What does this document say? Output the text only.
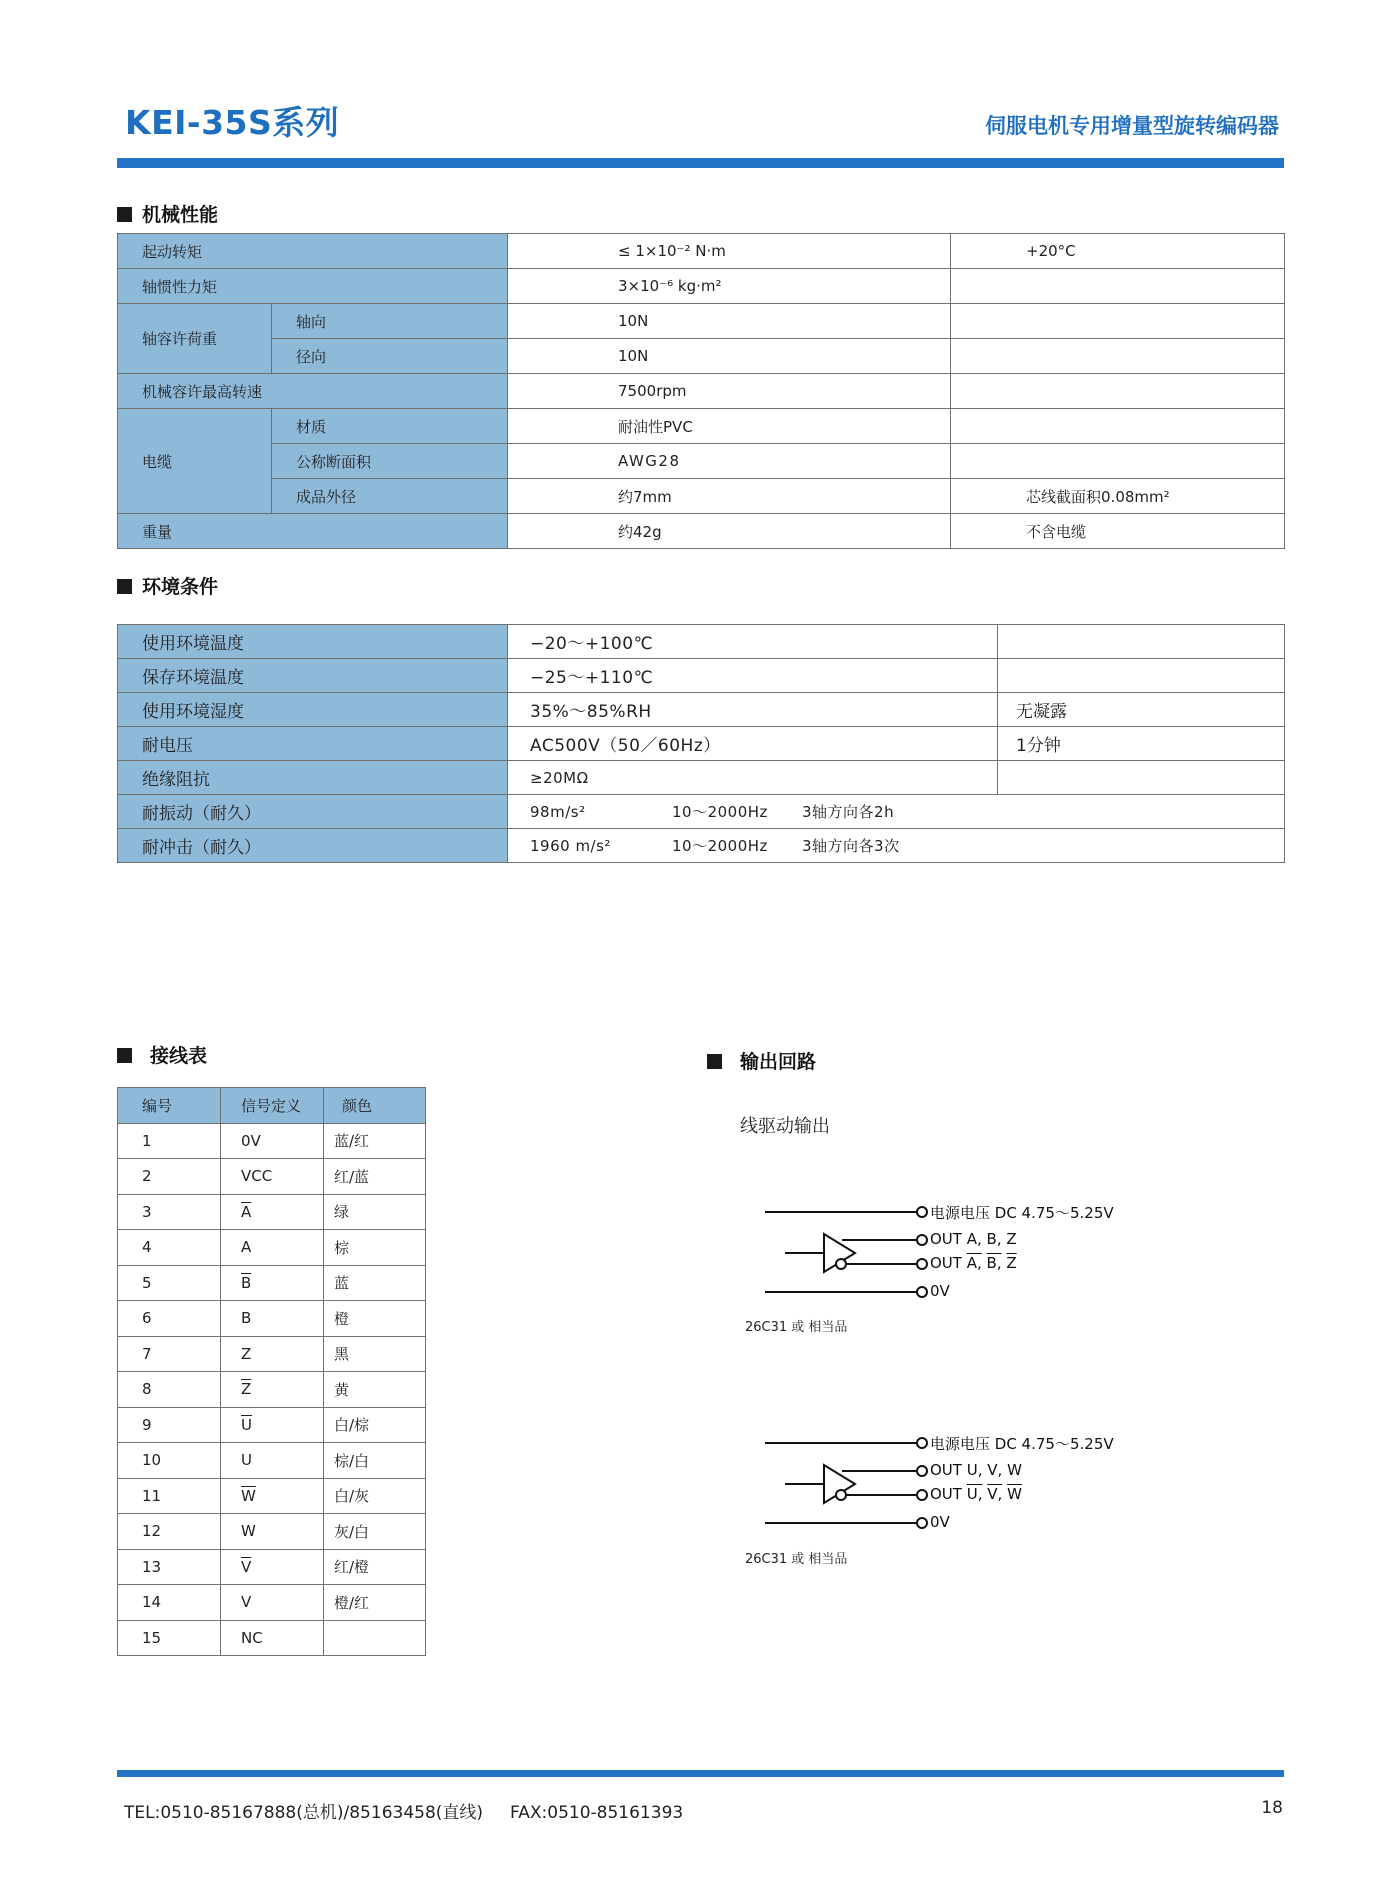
KEI-35S系列	伺服电机专用增量型旋转编码器
机械性能
起动转矩		≤ 1×10⁻² N·m	+20°C
轴惯性力矩		3×10⁻⁶ kg·m²	
轴容许荷重	轴向	10N	
	径向	10N	
机械容许最高转速		7500rpm	
电缆	材质	耐油性PVC	
	公称断面积	AWG28	
	成品外径	约7mm	芯线截面积0.08mm²
重量		约42g	不含电缆
环境条件
使用环境温度	−20～+100℃	
保存环境温度	−25～+110℃	
使用环境湿度	35%～85%RH	无凝露
耐电压	AC500V（50／60Hz）	1分钟
绝缘阻抗	≥20MΩ	
耐振动（耐久）	98m/s² 10～2000Hz 3轴方向各2h	
耐冲击（耐久）	1960 m/s² 10～2000Hz 3轴方向各3次	
接线表
编号	信号定义	颜色
1	0V	蓝/红
2	VCC	红/蓝
3	$\overline{A}$	绿
4	A	棕
5	$\overline{B}$	蓝
6	B	橙
7	Z	黑
8	$\overline{Z}$	黄
9	$\overline{U}$	白/棕
10	U	棕/白
11	$\overline{W}$	白/灰
12	W	灰/白
13	$\overline{V}$	红/橙
14	V	橙/红
15	NC	
输出回路
线驱动输出
电源电压 DC 4.75～5.25V
OUT A, B, Z
OUT A, B, $\overline{Z}$
0V
26C31 或 相当品
电源电压 DC 4.75～5.25V
OUT U, V, W
OUT U, V, $\overline{W}$
0V
26C31 或 相当品
TEL:0510-85167888(总机)/85163458(直线)     FAX:0510-85161393	18
